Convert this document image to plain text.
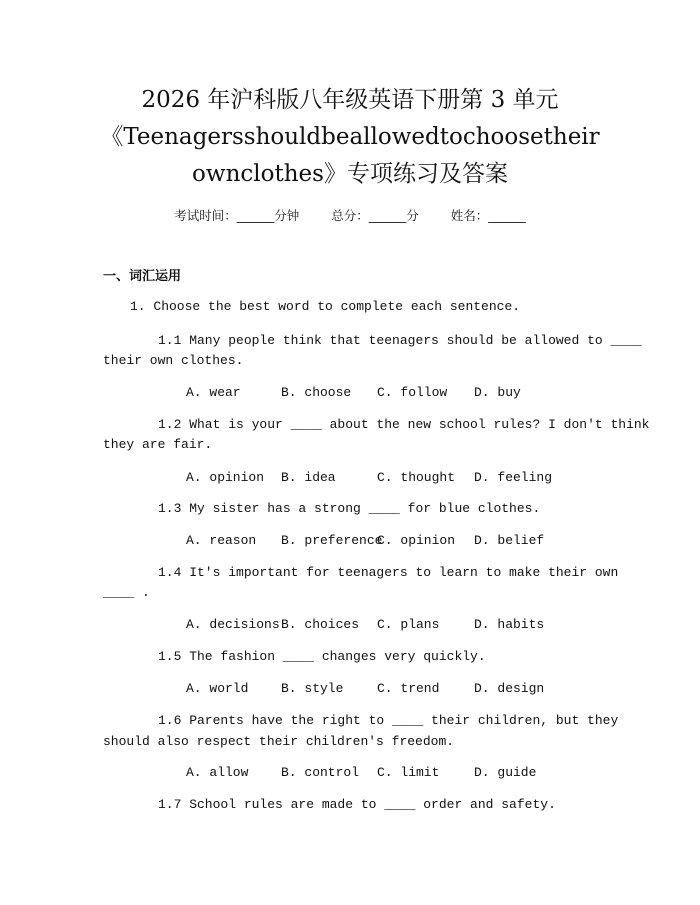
2026 年沪科版八年级英语下册第 3 单元
《Teenagersshouldbeallowedtochoosetheir
ownclothes》专项练习及答案
考试时间：______分钟	总分：______分	姓名：______
一、词汇运用
1. Choose the best word to complete each sentence.
1.1 Many people think that teenagers should be allowed to ____
their own clothes.
A. wear	B. choose C. follow D. buy
1.2 What is your ____ about the new school rules? I don't think
they are fair.
A. opinion B. idea	C. thought D. feeling
1.3 My sister has a strong ____ for blue clothes.
A. reason B. preference
C. opinion D. belief
1.4 It's important for teenagers to learn to make their own
____ .
A. decisions B. choices C. plans	D. habits
1.5 The fashion ____ changes very quickly.
A. world	B. style	C. trend	D. design
1.6 Parents have the right to ____ their children, but they
should also respect their children's freedom.
A. allow	B. control C. limit	D. guide
1.7 School rules are made to ____ order and safety.
